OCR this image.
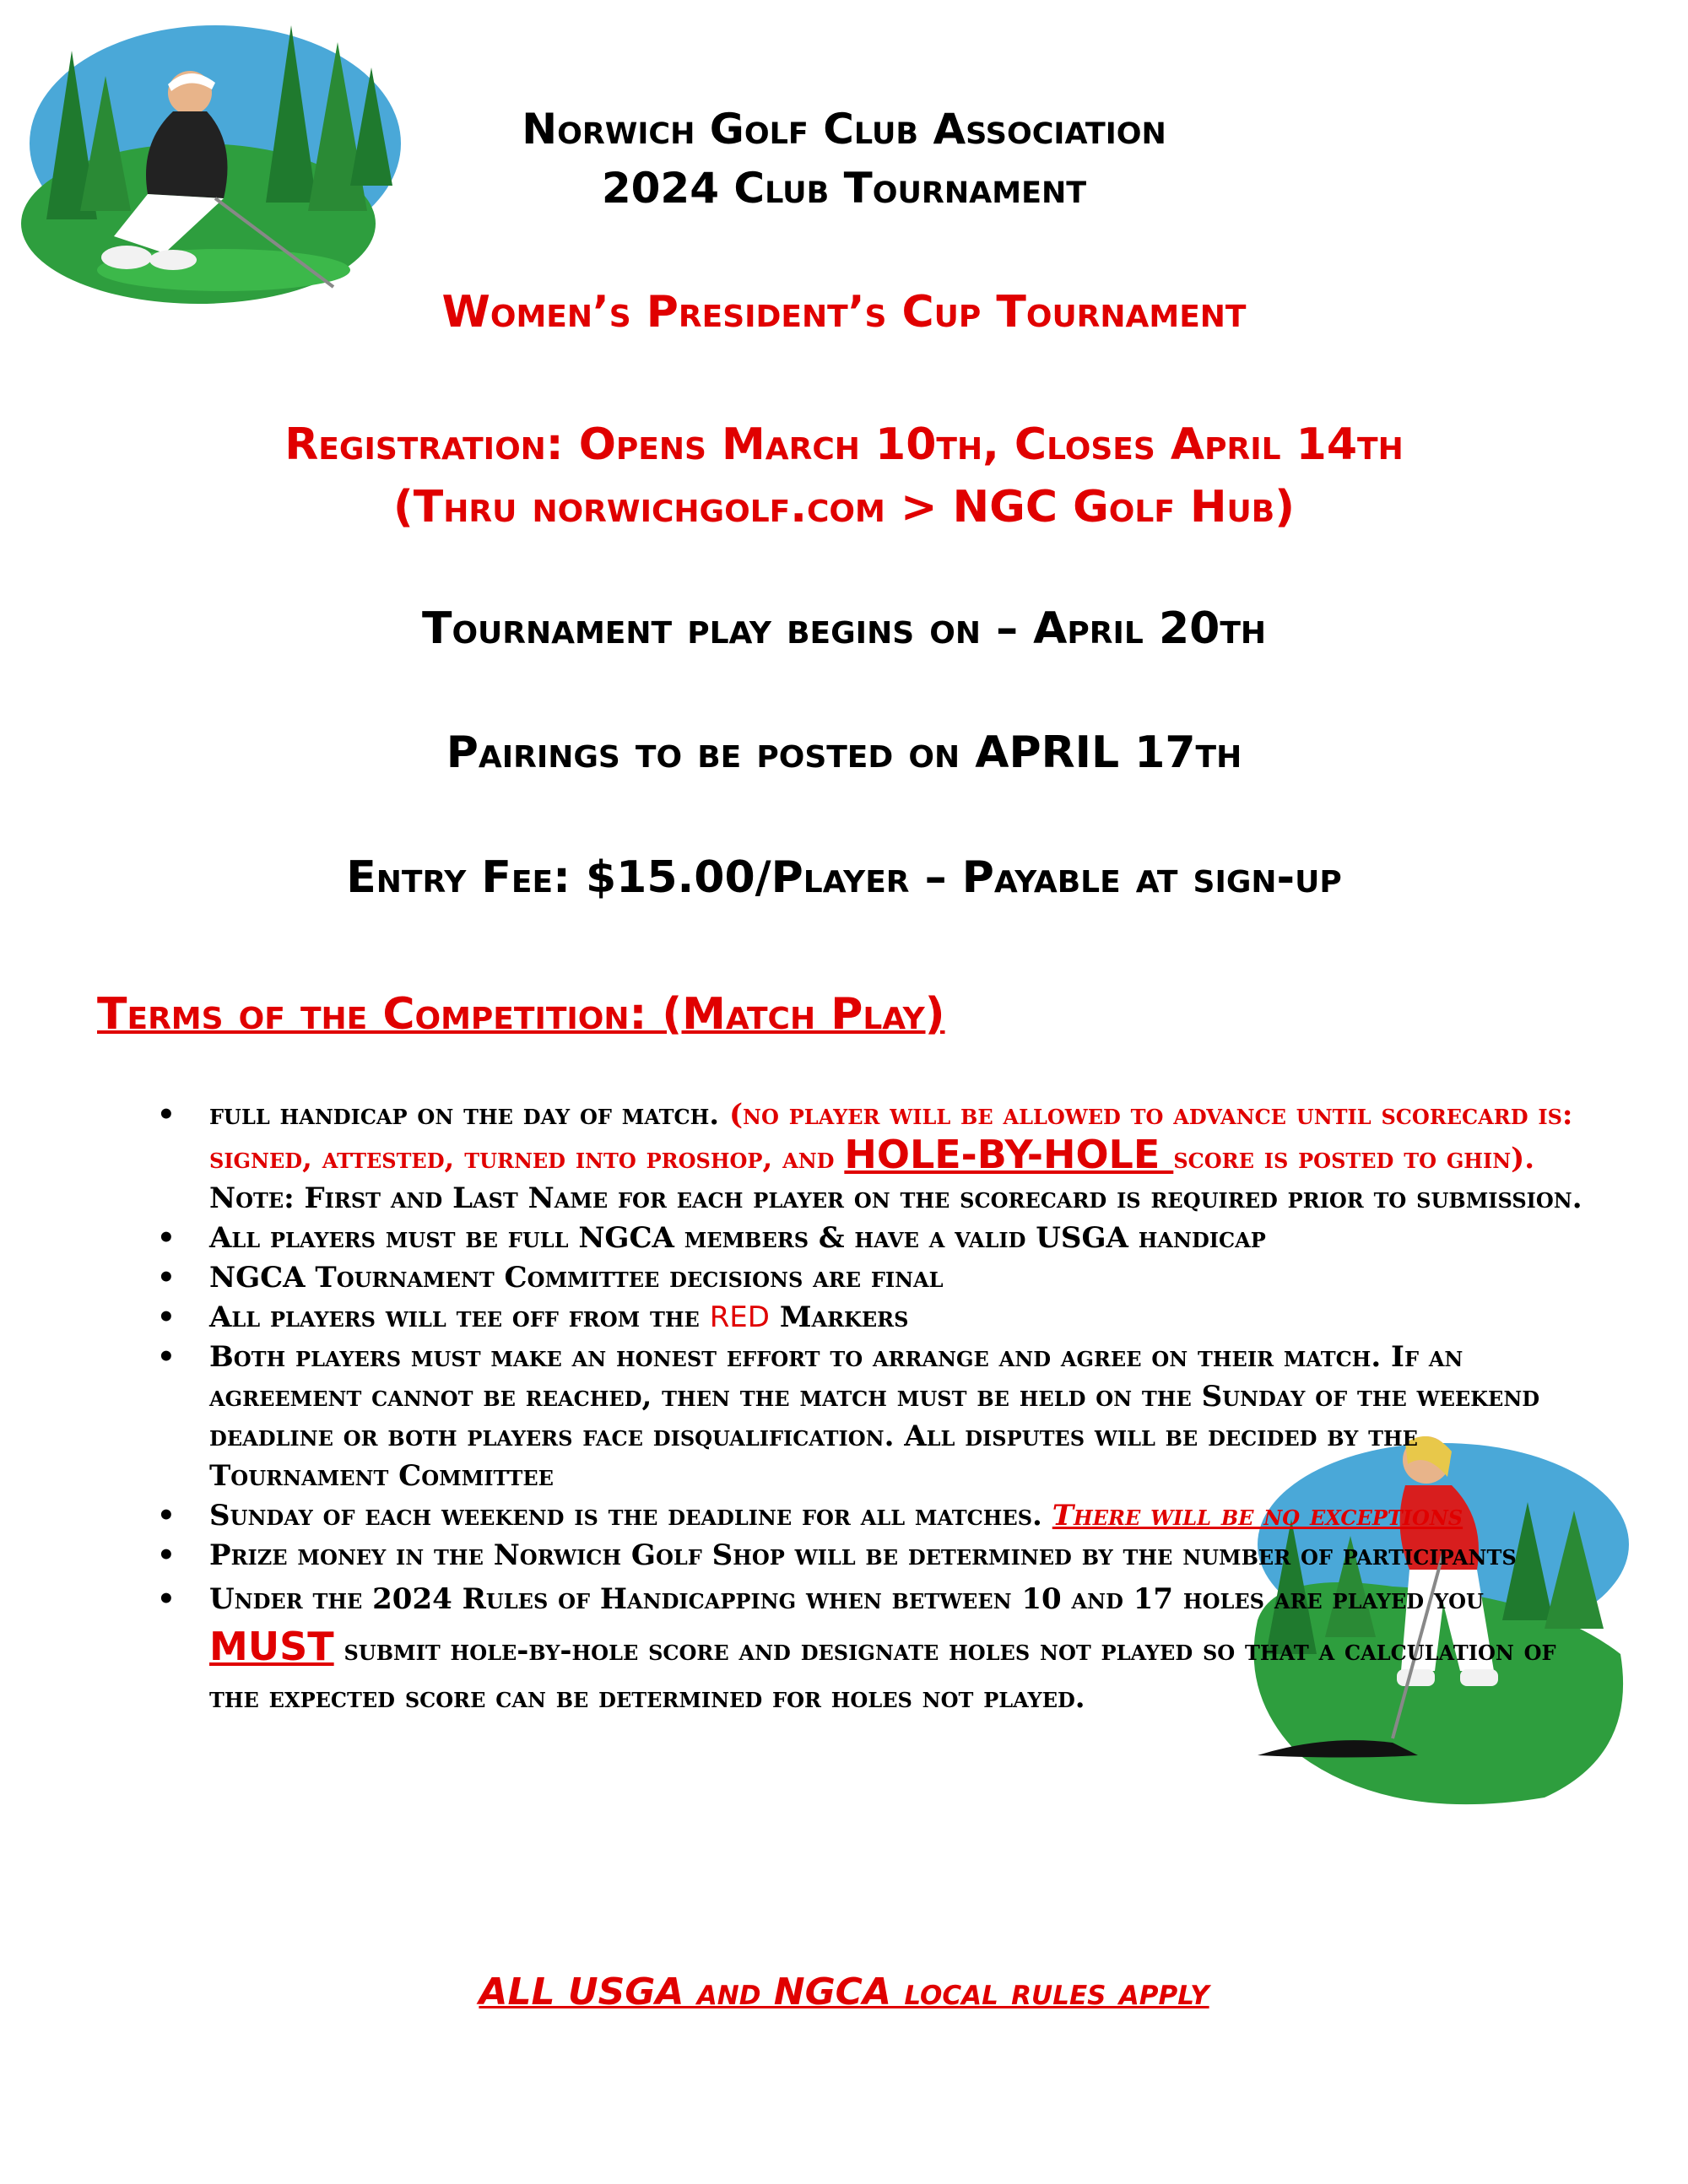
Norwich Golf Club Association
2024 Club Tournament
Women’s President’s Cup Tournament
Registration: Opens March 10th, Closes April 14th
(Thru norwichgolf.com > NGC Golf Hub)
Tournament play begins on – April 20th
Pairings to be posted on APRIL 17th
Entry Fee: $15.00/Player – Payable at sign-up
Terms of the Competition: (Match Play)
• full handicap on the day of match. (no player will be allowed to advance until scorecard is: signed, attested, turned into proshop, and HOLE-BY-HOLE score is posted to ghin). Note: First and Last Name for each player on the scorecard is required prior to submission.
• All players must be full NGCA members & have a valid USGA handicap
• NGCA Tournament Committee decisions are final
• All players will tee off from the RED Markers
• Both players must make an honest effort to arrange and agree on their match. If an agreement cannot be reached, then the match must be held on the Sunday of the weekend deadline or both players face disqualification. All disputes will be decided by the Tournament Committee
• Sunday of each weekend is the deadline for all matches. There will be no exceptions
• Prize money in the Norwich Golf Shop will be determined by the number of participants
• Under the 2024 Rules of Handicapping when between 10 and 17 holes are played you MUST submit hole-by-hole score and designate holes not played so that a calculation of the expected score can be determined for holes not played.
ALL USGA and NGCA local rules apply
